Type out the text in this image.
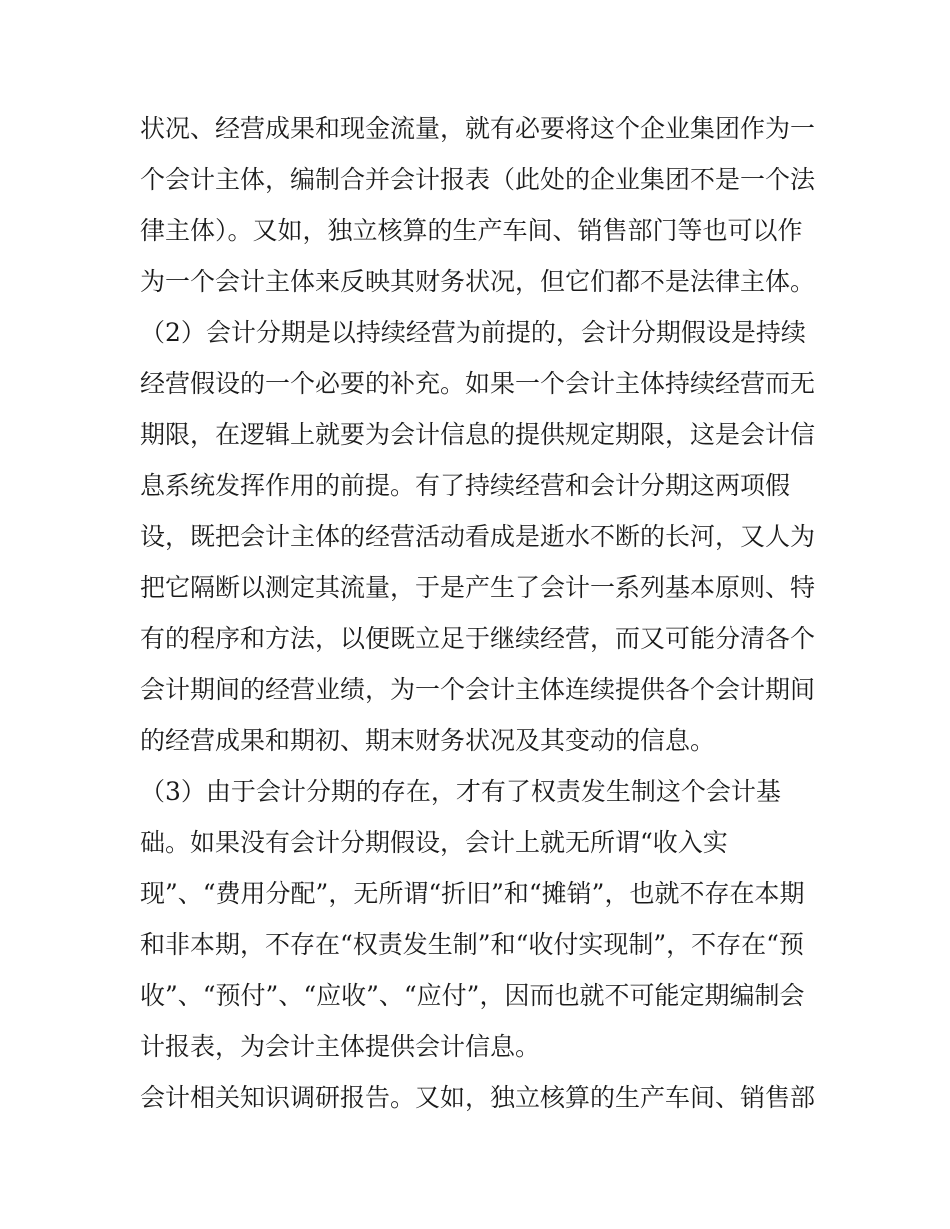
状况、经营成果和现金流量，就有必要将这个企业集团作为一
个会计主体，编制合并会计报表（此处的企业集团不是一个法
律主体）。又如，独立核算的生产车间、销售部门等也可以作
为一个会计主体来反映其财务状况，但它们都不是法律主体。
（2）会计分期是以持续经营为前提的，会计分期假设是持续
经营假设的一个必要的补充。如果一个会计主体持续经营而无
期限，在逻辑上就要为会计信息的提供规定期限，这是会计信
息系统发挥作用的前提。有了持续经营和会计分期这两项假
设，既把会计主体的经营活动看成是逝水不断的长河，又人为
把它隔断以测定其流量，于是产生了会计一系列基本原则、特
有的程序和方法，以便既立足于继续经营，而又可能分清各个
会计期间的经营业绩，为一个会计主体连续提供各个会计期间
的经营成果和期初、期末财务状况及其变动的信息。
（3）由于会计分期的存在，才有了权责发生制这个会计基
础。如果没有会计分期假设，会计上就无所谓“收入实
现”、“费用分配”，无所谓“折旧”和“摊销”，也就不存在本期
和非本期，不存在“权责发生制”和“收付实现制”，不存在“预
收”、“预付”、“应收”、“应付”，因而也就不可能定期编制会
计报表，为会计主体提供会计信息。
会计相关知识调研报告。又如，独立核算的生产车间、销售部
